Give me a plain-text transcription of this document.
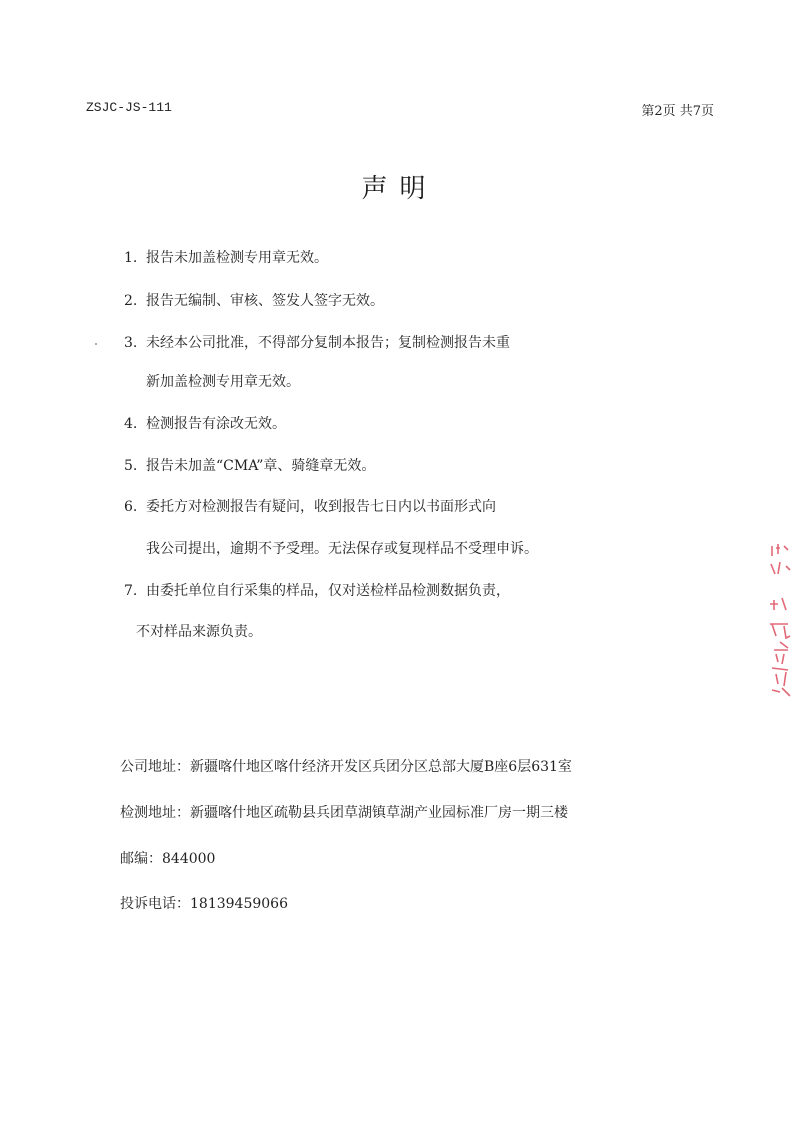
ZSJC-JS-111	第2页 共7页
声明
1. 报告未加盖检测专用章无效。
2. 报告无编制、审核、签发人签字无效。
3. 未经本公司批准，不得部分复制本报告；复制检测报告未重
新加盖检测专用章无效。
4. 检测报告有涂改无效。
5. 报告未加盖“CMA”章、骑缝章无效。
6. 委托方对检测报告有疑问，收到报告七日内以书面形式向
我公司提出，逾期不予受理。无法保存或复现样品不受理申诉。
7. 由委托单位自行采集的样品，仅对送检样品检测数据负责，
不对样品来源负责。
公司地址：新疆喀什地区喀什经济开发区兵团分区总部大厦B座6层631室
检测地址：新疆喀什地区疏勒县兵团草湖镇草湖产业园标准厂房一期三楼
邮编：844000
投诉电话：18139459066
